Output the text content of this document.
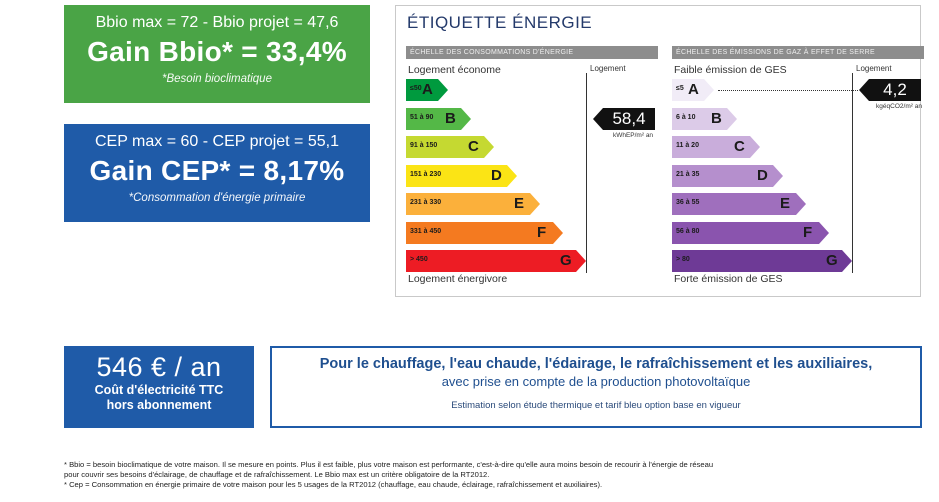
Bbio max = 72 - Bbio projet = 47,6
Gain Bbio* = 33,4%
*Besoin bioclimatique
CEP max = 60 - CEP projet = 55,1
Gain CEP* = 8,17%
*Consommation d'énergie primaire
ÉTIQUETTE ÉNERGIE
ÉCHELLE DES CONSOMMATIONS D'ÉNERGIE
Logement économe	Logement
Logement énergivore
≤50 A
51 à 90 B	58,4
kWhEP/m² an
91 à 150 C
151 à 230	D
231 à 330	E
331 à 450	F
> 450	G
ÉCHELLE DES ÉMISSIONS DE GAZ À EFFET DE SERRE
Faible émission de GES	Logement
Forte émission de GES
≤5 A	4,2
kgéqCO2/m² an
6 à 10 B
11 à 20 C
21 à 35	D
36 à 55	E
56 à 80	F
> 80	G
546 € / an
Coût d'électricité TTC
hors abonnement
Pour le chauffage, l'eau chaude, l'édairage, le rafraîchissement et les auxiliaires,
avec prise en compte de la production photovoltaïque
Estimation selon étude thermique et tarif bleu option base en vigueur

* Bbio = besoin bioclimatique de votre maison. Il se mesure en points. Plus il est faible, plus votre maison est performante, c'est-à-dire qu'elle aura moins besoin de recourir à l'énergie de réseau

pour couvrir ses besoins d'éclairage, de chauffage et de rafraîchissement. Le Bbio max est un critère obligatoire de la RT2012.

* Cep = Consommation en énergie primaire de votre maison pour les 5 usages de la RT2012 (chauffage, eau chaude, éclairage, rafraîchissement et auxiliaires).
